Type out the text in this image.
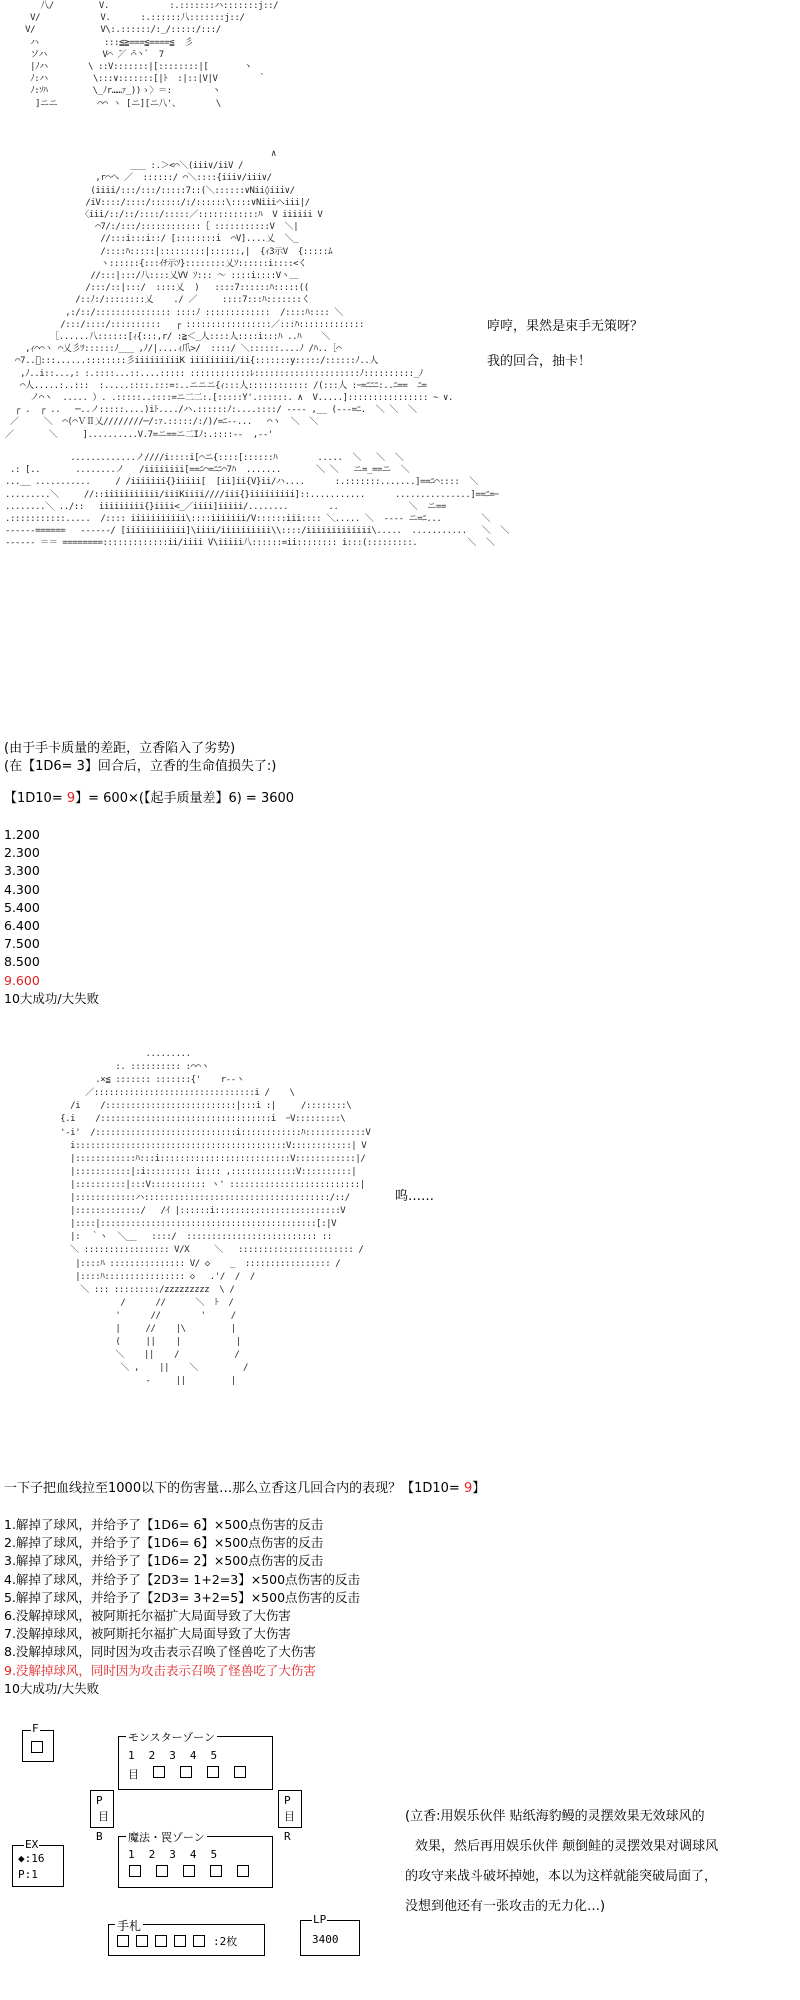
八/         V.            :.:::::::ハ:::::::j::/
V/            V.      :.::::::八:::::::j::/
V/             V\:.::::::/:_/:::::/:::/
ハ             :::≦≧===≦====≦  彡
ソハ           V⌒ ̄／ ̄⌒丶ﾞ  ̄7
|ﾉハ        \ ::V:::::::|[::::::::|[       ヽ
ﾉ:ハ         \:::∨:::::::[|ﾄ  :|::|V|V        ｀
ﾉ:ｿﾊ         \_ﾉr……ｧ_))ゝ〉＝:        ヽ
]ニニ        ⌒⌒ ヽ [ニ][ニ八'、       \
∧
___ :.＞<⌒＼(iii∨/iiV /
,r⌒ヘ ／  ::::::/ ⌒＼::::{iii∨/iii∨/
(iiii/:::/:::/:::::7::(＼::::::∨Nii◊iii∨/
/iV::::/::::/::::::/:/::::::\::::∨Niiiヘiii|/
〈iii/::/::/::::/:::::／::::::::::::ﾊ  V iiiiii V
⌒7/:/:::/::::::::::::｛ :::::::::::V  ＼|
//:::i:::i::/ [::::::::i  ⌒V]....乂  ＼_
/::::ﾊ:::::|:::::::::|::::::,|  {ｨ3示V  {:::::ﾑ
ヽ::::::{:::ｲﾁ示ｿ}::::::::乂ｿ::::::i::::<く
//:::|:::/八::::乂VV ｿ::: ～ ::::i::::Vヽ＿
/:::/::|:::/  ::::乂  )   ::::7::::::ﾊ:::::((
/::ﾉ:/::::::::乂    ./ ／     ::::7:::ﾊ:::::::く
,:/::/::::::::::::::: ::::ﾉ :::::::::::::  /::::ﾊ:::: ＼
/:::/::::/::::::::::   ┌ :::::::::::::::::／:::ﾊ:::::::::::::
［......八::::::[ｨ{:::,r/ :≧＜_人::::人::::i:::ﾊ ..ﾊ    ＼
,ｨ⌒⌒ヽ ⌒乂彡ﾂ::::::ﾉ___ ,ﾉ/|....ｨ爪>/  ::::/ ＼::::::....ﾉ /ﾊ..［⌒
⌒7..ﾞ:::......::::::::彡iiiiiiiiiK iiiiiiiii/ii{:::::::y:::::/::::::ﾉ..人
,ﾉ..i::...,: :.::::...::....::::: ::::::::::::ﾚ:::::::::::::::::::::ﾉ::::::::::_ﾉ
⌒人.....:..:::  :.....::::.:::=:..ニニニ{ｨ:::人:::::::::::: /(:::人 :ｰ=ﾆﾆﾆ:..ﾆ==  ﾆ=
ノ⌒ヽ  ..... ）. .:::::..::::=ニ二二:.[:::::Y'.::::::. ∧  V.....]:::::::::::::::: ~ ∨.
┌ .  ┌ ..   ─..ノ:::::....)iﾄ..../ハ.::::::ﾉ:....::::/ ---- ,__ (---=ﾆ.  ＼ ＼  ＼
／     ＼  ⌒(⌒ＶⅡ乂////////─/:ｧ.:::::/:/)/=ﾆ--...   ⌒ヽ  ＼  ＼
／       ＼     ]..........V.7=ニ==ニ二Iﾉ:.::::--  ,-‐'
.............ノ////i::::i[⌒ニ{::::[::::::ﾊ        .....  ＼   ＼  ＼
.: [..       ........ノ   /iiiiiiii[==ﾆ⌒=ﾆﾆ⌒7ﾊ  .......       ＼ ＼   ニ=_==ニ  ＼
...__ ...........     / /iiiiiii{}iiiii[  [ii]ii{V}ii/ハ....      :.:::::::.......]==ﾆ⌒::::  ＼
.........＼     //::iiiiiiiiiii/iiiKiiii////iii{}iiiiiiiii]::...........      ...............]==ﾆ=ｰ
........＼ ../::   iiiiiiiii{}iiii<_／iiii]iiiii/........        ..              ＼  ニ==
.:::::::::::.....  /:::: iiiiiiiiiii\::::iiiiiii/V::::::iii:::: ＼..... ＼  ---- ニ=ﾆ...        ＼
------======   ------/ [iiiiiiiiiiii]\iiii/iiiiiiiiii\\::::/iiiiiiiiiiiii\.....  ...........   ＼  ＼
------ ＝＝ ========:::::::::::::ii/iiii V\iiiii八::::::=ii:::::::: i:::(:::::::::.          ＼  ＼
哼哼，果然是束手无策呀？
我的回合，抽卡！
(由于手卡质量的差距，立香陷入了劣势)
(在【1D6= 3】回合后，立香的生命值损失了:)
【1D10= 9】= 600×(【起手质量差】6) = 3600
1.200
2.300
3.300
4.300
5.400
6.400
7.500
8.500
9.600
10大成功/大失败
.........
:. :::::::::: :⌒⌒ヽ
.×≦ ::::::: :::::::{'    r-‐ヽ
／::::::::::::::::::::::::::::::::i /    \
/i    /::::::::::::::::::::::::::|:::i :|     /::::::::\
{.i    /::::::::::::::::::::::::::::::::::i  ｰV:::::::::\
'-i'  /::::::::::::::::::::::::::::i::::::::::::ﾊ::::::::::::V
i::::::::::::::::::::::::::::::::::::::::::V::::::::::::| V
|::::::::::::ﾊ:::i::::::::::::::::::::::::::V::::::::::::|/
|:::::::::::|:i::::::::: i:::: ,:::::::::::::V::::::::::|
|::::::::::|:::V::::::::::: ヽ' ::::::::::::::::::::::::::|
|::::::::::::ハ:::::::::::::::::::::::::::::::::::::/::/
|:::::::::::::/   /ｲ |::::::i:::::::::::::::::::::::::V
|::::|:::::::::::::::::::::::::::::::::::::::::::[:|V
|:  ｀ヽ  ＼__   ::::/  :::::::::::::::::::::::::: ::
＼ ::::::::::::::::: V/X     ＼   ::::::::::::::::::::::: /
|::::ﾊ ::::::::::::::: V/ ◇    _  ::::::::::::::::: /
|::::ﾊ:::::::::::::::: ◇   .'/  /  /
＼ ::: :::::::::/zzzzzzzzz  \ /
/      //      ＼  ﾄ  /
'      //        '     /
|     //    |\         |
(     ||    |           |
＼    ||    /           /
＼ ,    ||    ＼         /
-     ||         |

呜……
一下子把血线拉至1000以下的伤害量…那么立香这几回合内的表现？【1D10= 9】
1.解掉了球风，并给予了【1D6= 6】×500点伤害的反击
2.解掉了球风，并给予了【1D6= 6】×500点伤害的反击
3.解掉了球风，并给予了【1D6= 2】×500点伤害的反击
4.解掉了球风，并给予了【2D3= 1+2=3】×500点伤害的反击
5.解掉了球风，并给予了【2D3= 3+2=5】×500点伤害的反击
6.没解掉球风，被阿斯托尔福扩大局面导致了大伤害
7.没解掉球风，被阿斯托尔福扩大局面导致了大伤害
8.没解掉球风，同时因为攻击表示召唤了怪兽吃了大伤害
9.没解掉球风，同时因为攻击表示召唤了怪兽吃了大伤害
10大成功/大失败
F
モンスターゾーン
1 2 3 4 5
目
P
目
P
目
B	R
魔法・罠ゾーン
1 2 3 4 5
EX
◆:16
P:1
手札
:2枚
LP
3400
(立香:用娱乐伙伴 贴纸海豹鳗的灵摆效果无效球风的
效果，然后再用娱乐伙伴 颠倒鲑的灵摆效果对调球风
的攻守来战斗破坏掉她，本以为这样就能突破局面了，
没想到他还有一张攻击的无力化…)
